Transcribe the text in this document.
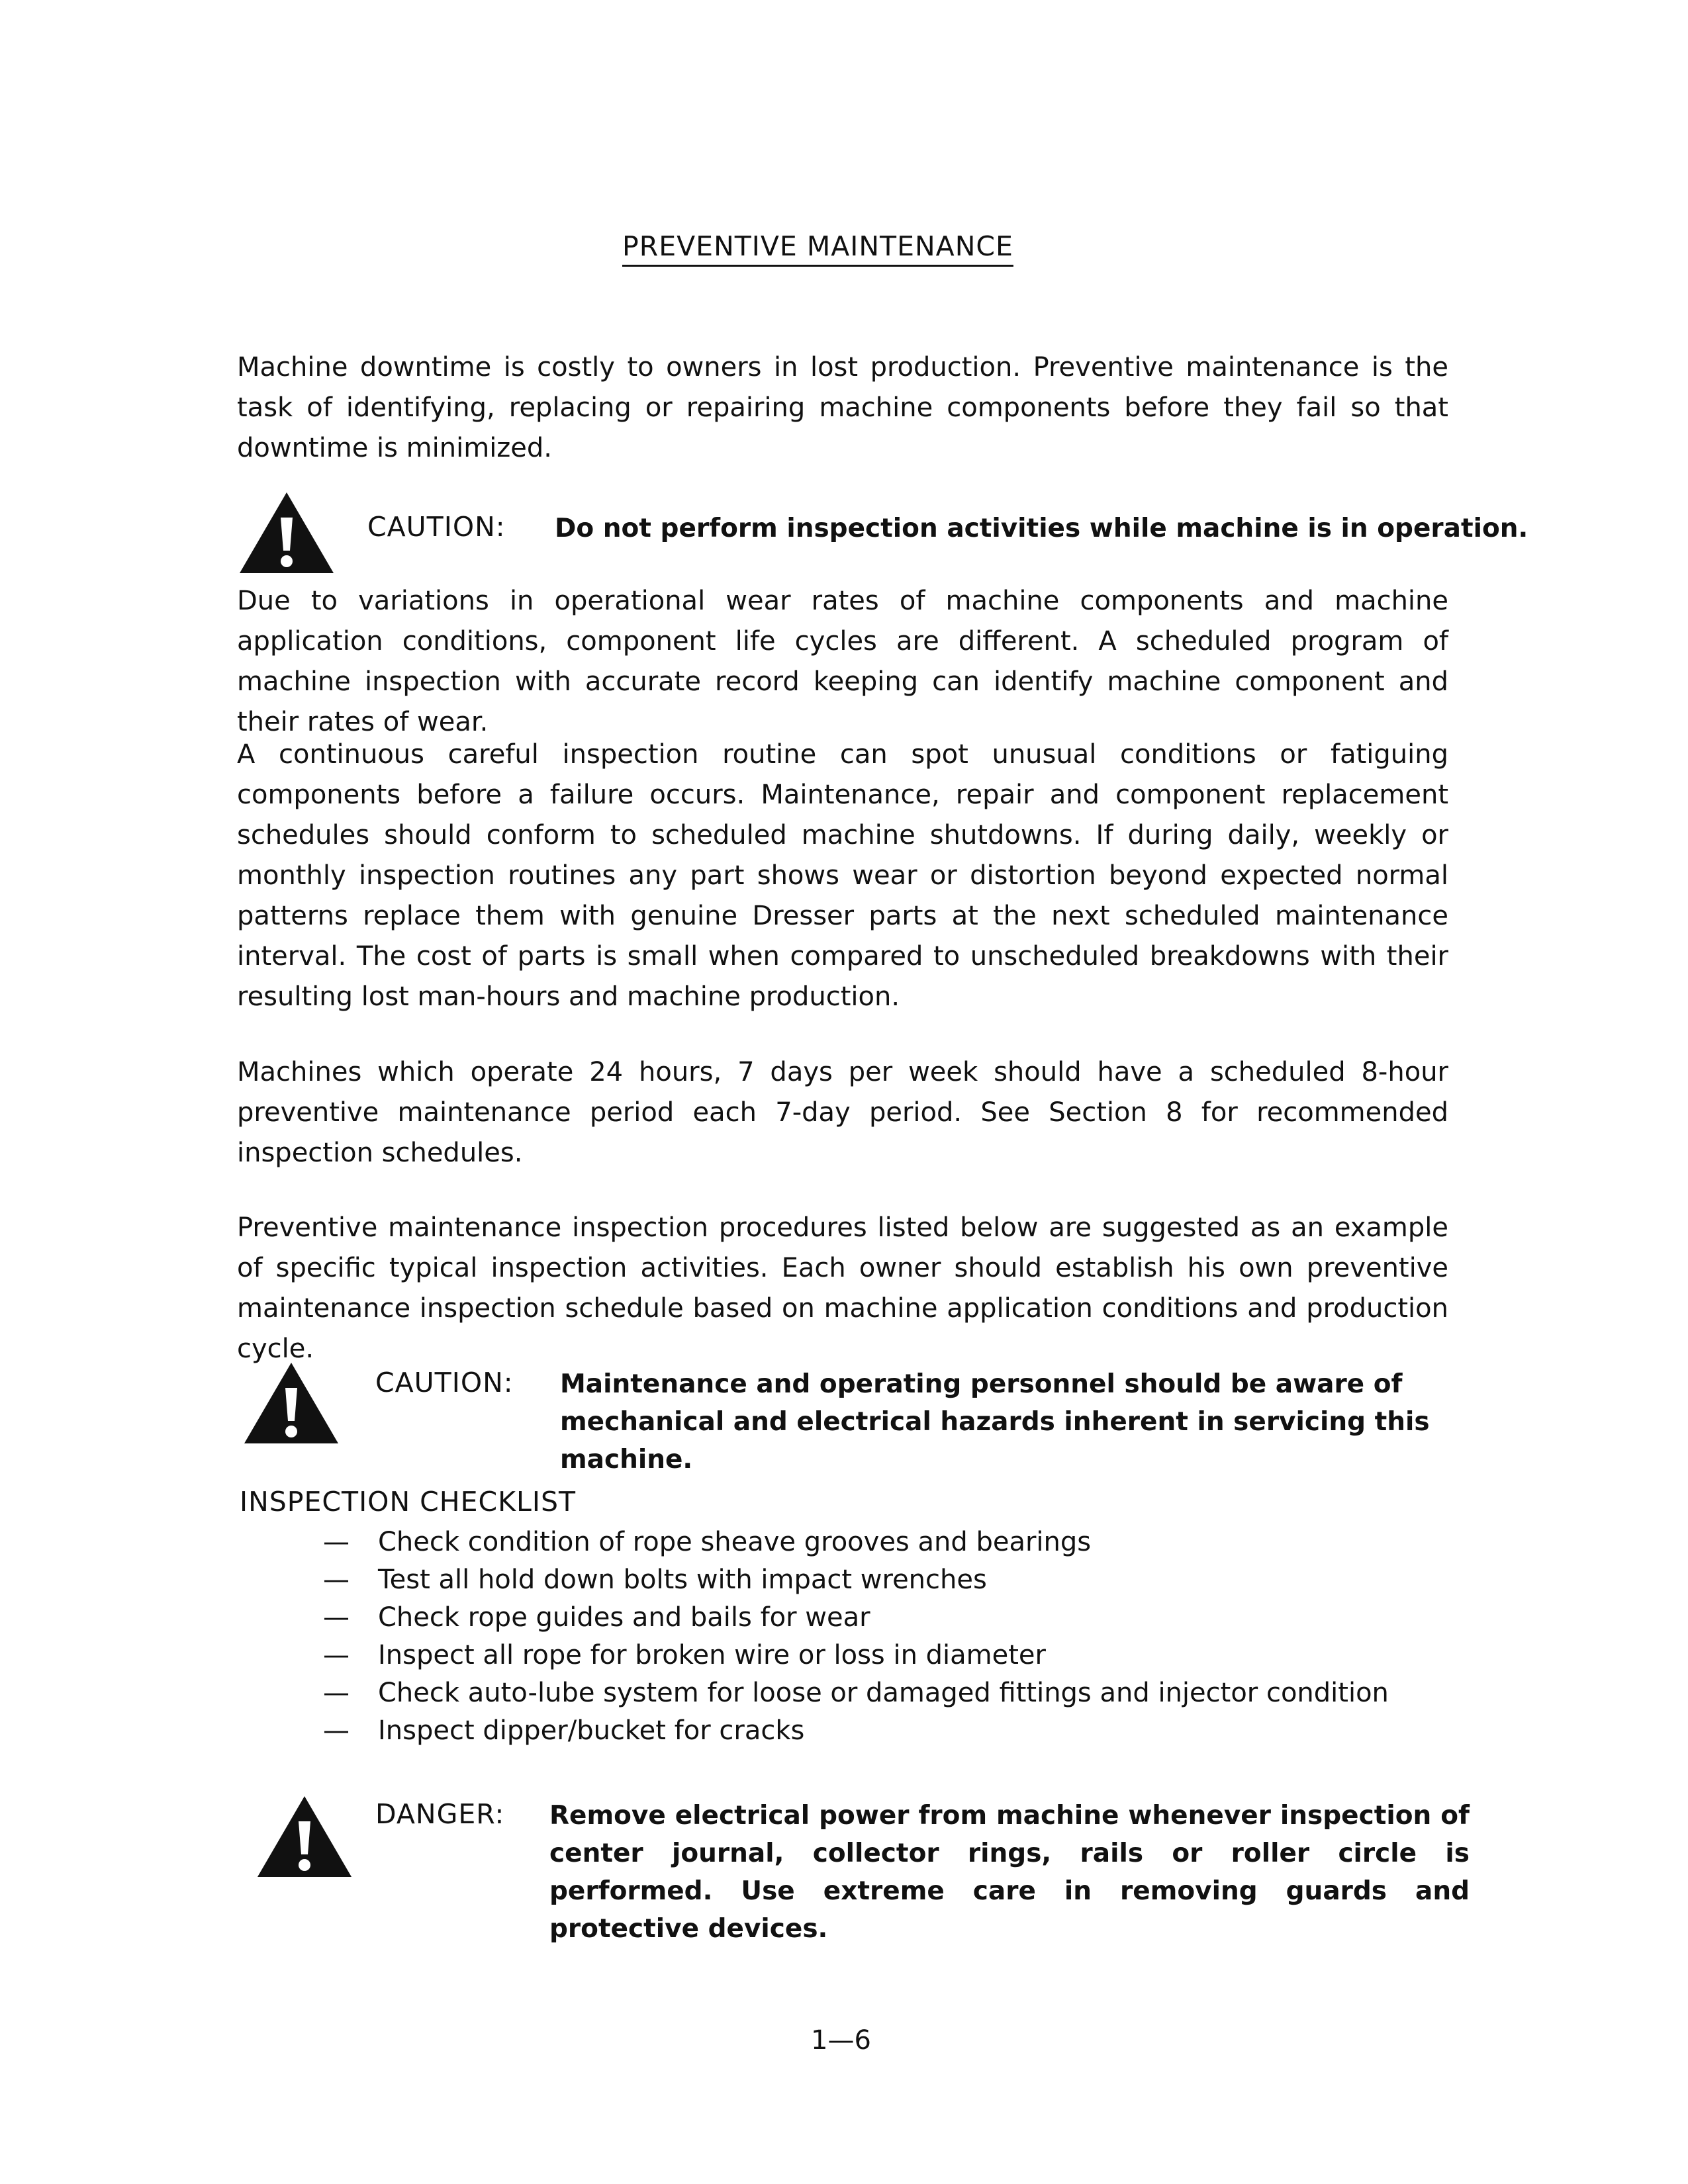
PREVENTIVE MAINTENANCE

Machine downtime is costly to owners in lost production. Preventive maintenance is the task of identifying, replacing or repairing machine components before they fail so that downtime is minimized.

CAUTION: Do not perform inspection activities while machine is in operation.

Due to variations in operational wear rates of machine components and machine application conditions, component life cycles are different. A scheduled program of machine inspection with accurate record keeping can identify machine component and their rates of wear.

A continuous careful inspection routine can spot unusual conditions or fatiguing components before a failure occurs. Maintenance, repair and component replacement schedules should conform to scheduled machine shutdowns. If during daily, weekly or monthly inspection routines any part shows wear or distortion beyond expected normal patterns replace them with genuine Dresser parts at the next scheduled maintenance interval. The cost of parts is small when compared to unscheduled breakdowns with their resulting lost man-hours and machine production.

Machines which operate 24 hours, 7 days per week should have a scheduled 8-hour preventive maintenance period each 7-day period. See Section 8 for recommended inspection schedules.

Preventive maintenance inspection procedures listed below are suggested as an example of specific typical inspection activities. Each owner should establish his own preventive maintenance inspection schedule based on machine application conditions and production cycle.

CAUTION: Maintenance and operating personnel should be aware of mechanical and electrical hazards inherent in servicing this machine.

INSPECTION CHECKLIST
—	Check condition of rope sheave grooves and bearings
—	Test all hold down bolts with impact wrenches
—	Check rope guides and bails for wear
—	Inspect all rope for broken wire or loss in diameter
—	Check auto-lube system for loose or damaged fittings and injector condition
—	Inspect dipper/bucket for cracks
DANGER: Remove electrical power from machine whenever inspection of center journal, collector rings, rails or roller circle is performed. Use extreme care in removing guards and protective devices.

1—6
